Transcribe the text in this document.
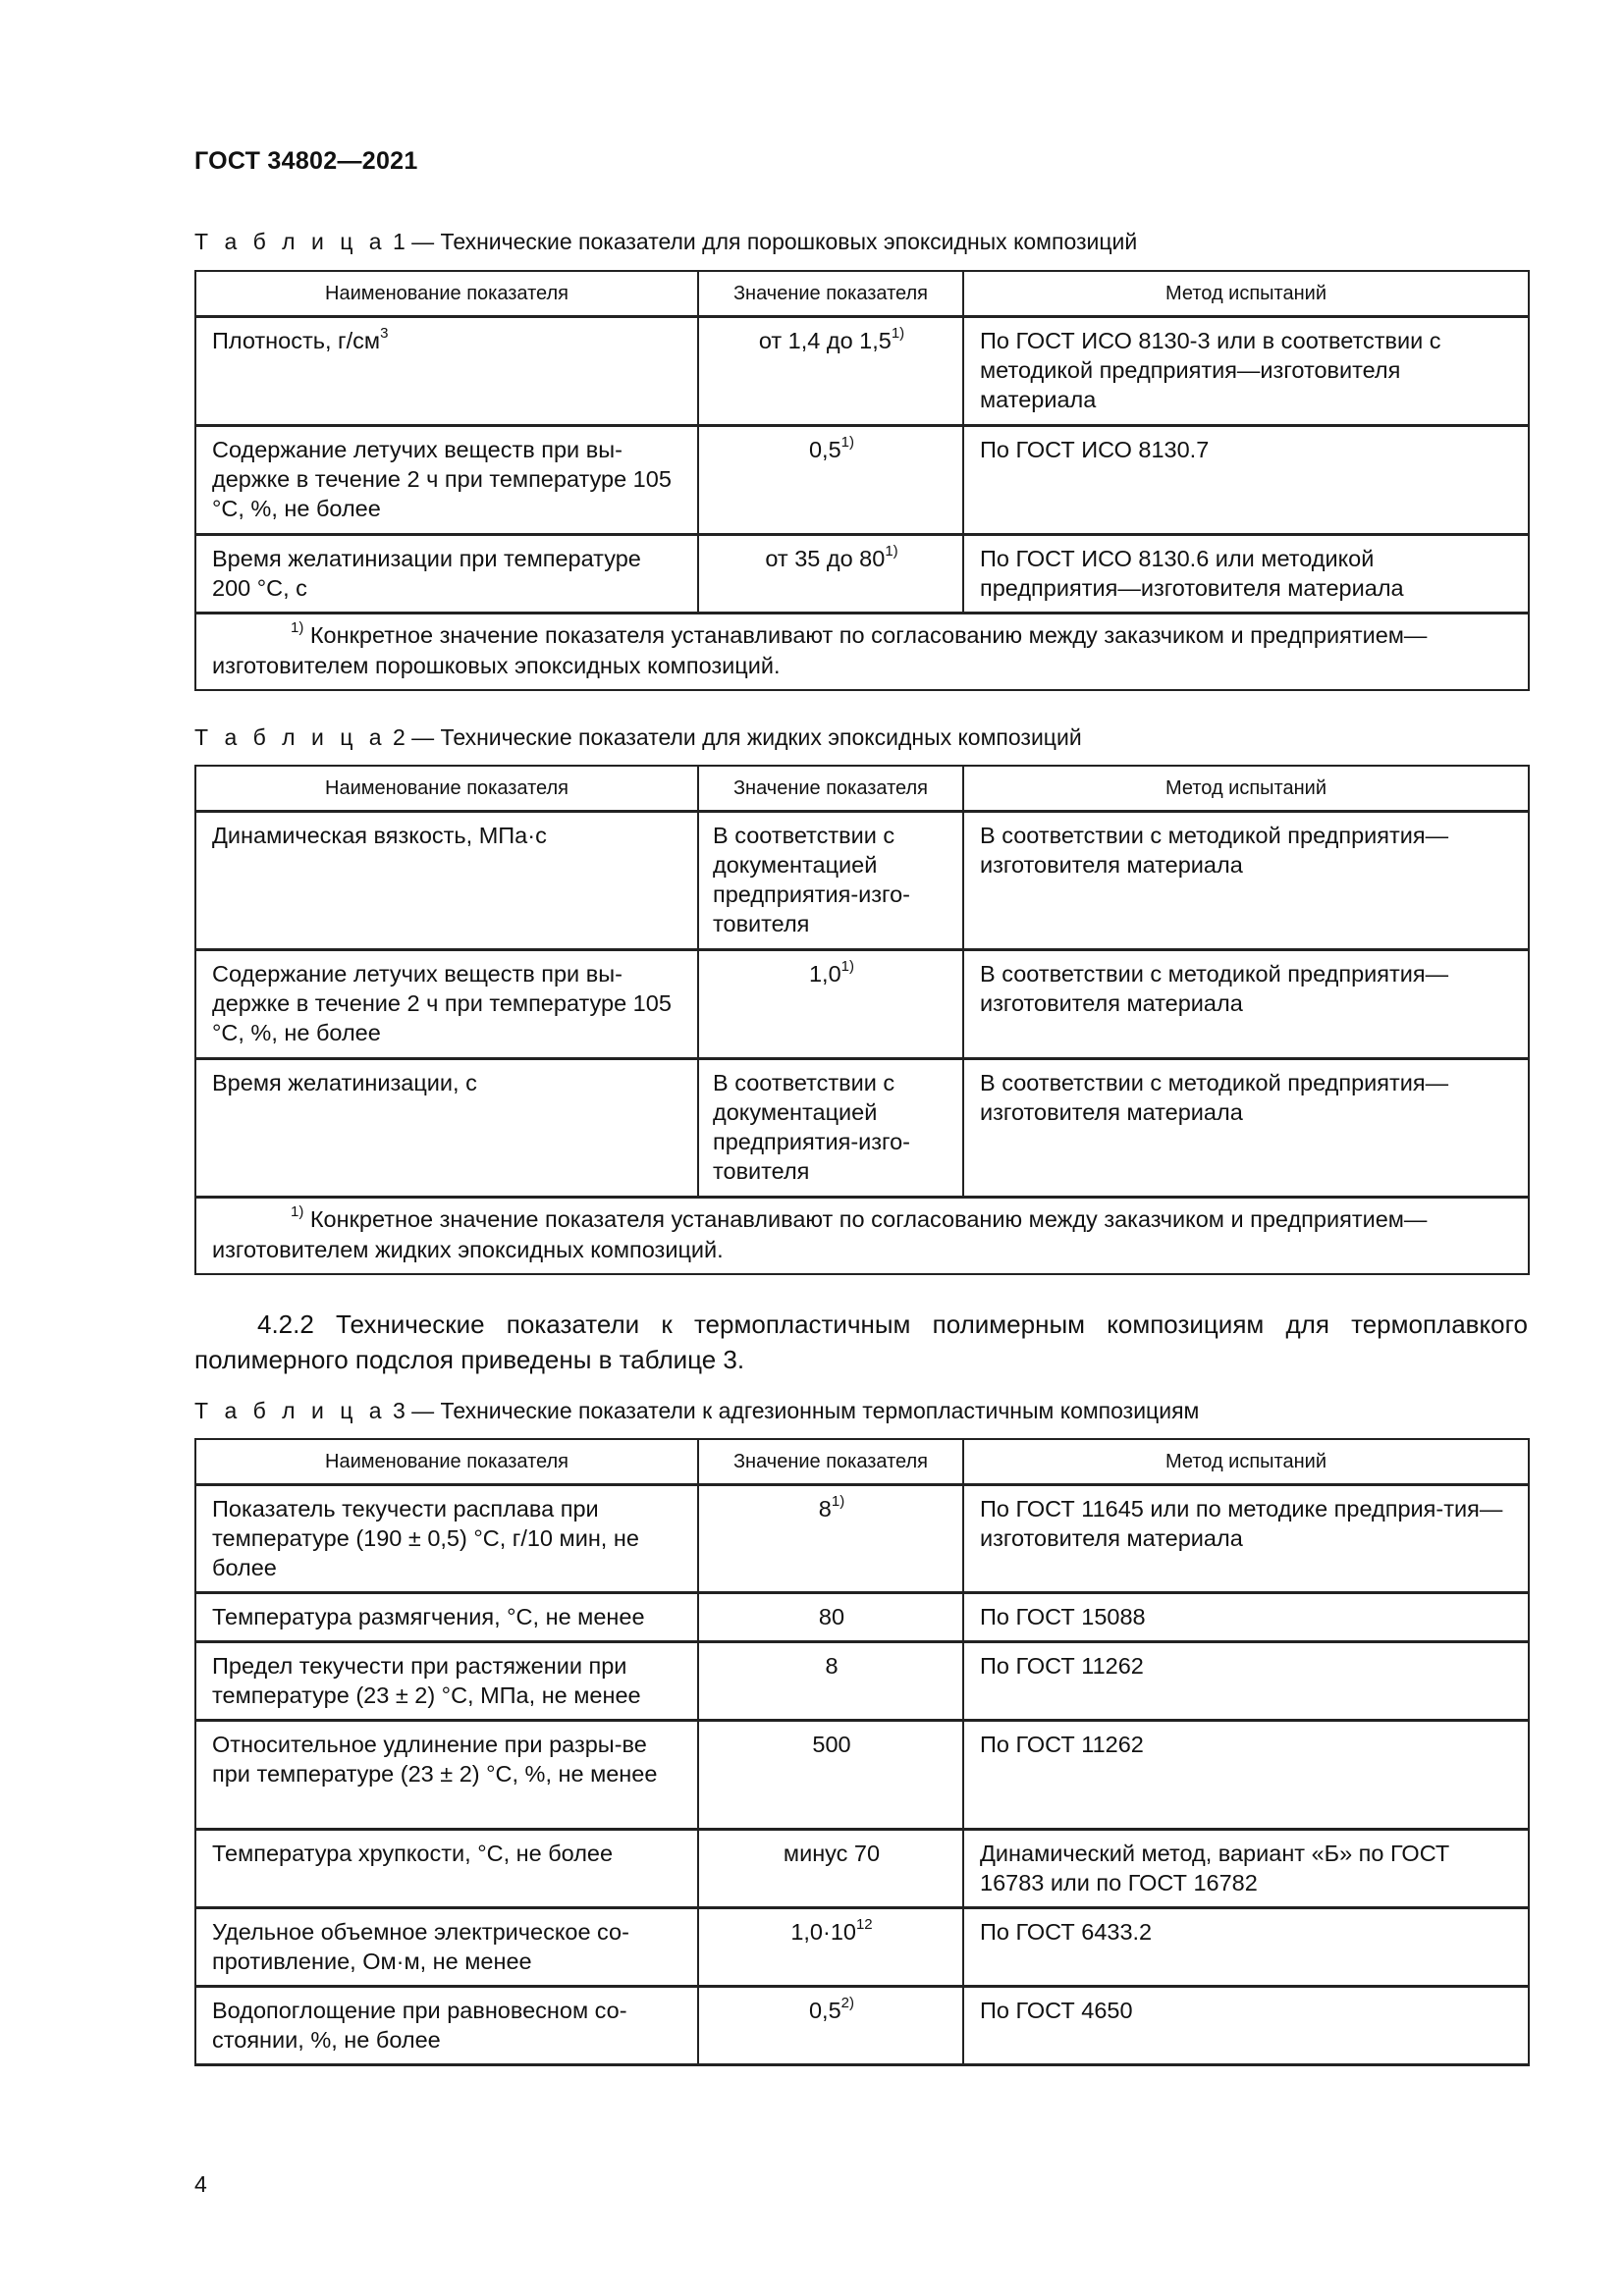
ГОСТ 34802—2021
Т а б л и ц а 1 — Технические показатели для порошковых эпоксидных композиций
Наименование показателя	Значение показателя	Метод испытаний
Плотность, $г/см^3$	от 1,4 до 1,5$^{1)}$	По ГОСТ ИСО 8130-3 или в соответствии с методикой предприятия—изготовителя материала
Содержание летучих веществ при вы-держке в течение 2 ч при температуре 105 °С, %, не более	0,5$^{1)}$	По ГОСТ ИСО 8130.7
Время желатинизации при температуре 200 °С, с	от 35 до 80$^{1)}$	По ГОСТ ИСО 8130.6 или методикой предприятия—изготовителя материала

$^{1)}$ Конкретное значение показателя устанавливают по согласованию между заказчиком и предприятием—изготовителем порошковых эпоксидных композиций.		
Т а б л и ц а 2 — Технические показатели для жидких эпоксидных композиций
Наименование показателя	Значение показателя	Метод испытаний
Динамическая вязкость, МПа·с	В соответствии с документацией предприятия-изго-товителя	В соответствии с методикой предприятия—изготовителя материала
Содержание летучих веществ при вы-держке в течение 2 ч при температуре 105 °С, %, не более	1,0$^{1)}$	В соответствии с методикой предприятия—изготовителя материала
Время желатинизации, с	В соответствии с документацией предприятия-изго-товителя	В соответствии с методикой предприятия—изготовителя материала

$^{1)}$ Конкретное значение показателя устанавливают по согласованию между заказчиком и предприятием—изготовителем жидких эпоксидных композиций.		
4.2.2 Технические показатели к термопластичным полимерным композициям для термоплавкого
полимерного подслоя приведены в таблице 3.
Т а б л и ц а 3 — Технические показатели к адгезионным термопластичным композициям
Наименование показателя	Значение показателя	Метод испытаний
Показатель текучести расплава при температуре (190 ± 0,5) °С, г/10 мин, не более	8$^{1)}$	По ГОСТ 11645 или по методике предприя-тия—изготовителя материала
Температура размягчения, °С, не менее	80	По ГОСТ 15088
Предел текучести при растяжении при температуре (23 ± 2) °С, МПа, не менее	8	По ГОСТ 11262
Относительное удлинение при разры-ве при температуре (23 ± 2) °С, %, не менее	500	По ГОСТ 11262
Температура хрупкости, °С, не более	минус 70	Динамический метод, вариант «Б» по ГОСТ 16783 или по ГОСТ 16782
Удельное объемное электрическое со-противление, Ом·м, не менее	$1,0\cdot 10^{12}$	По ГОСТ 6433.2
Водопоглощение при равновесном со-стоянии, %, не более	0,5$^{2)}$	По ГОСТ 4650
4
